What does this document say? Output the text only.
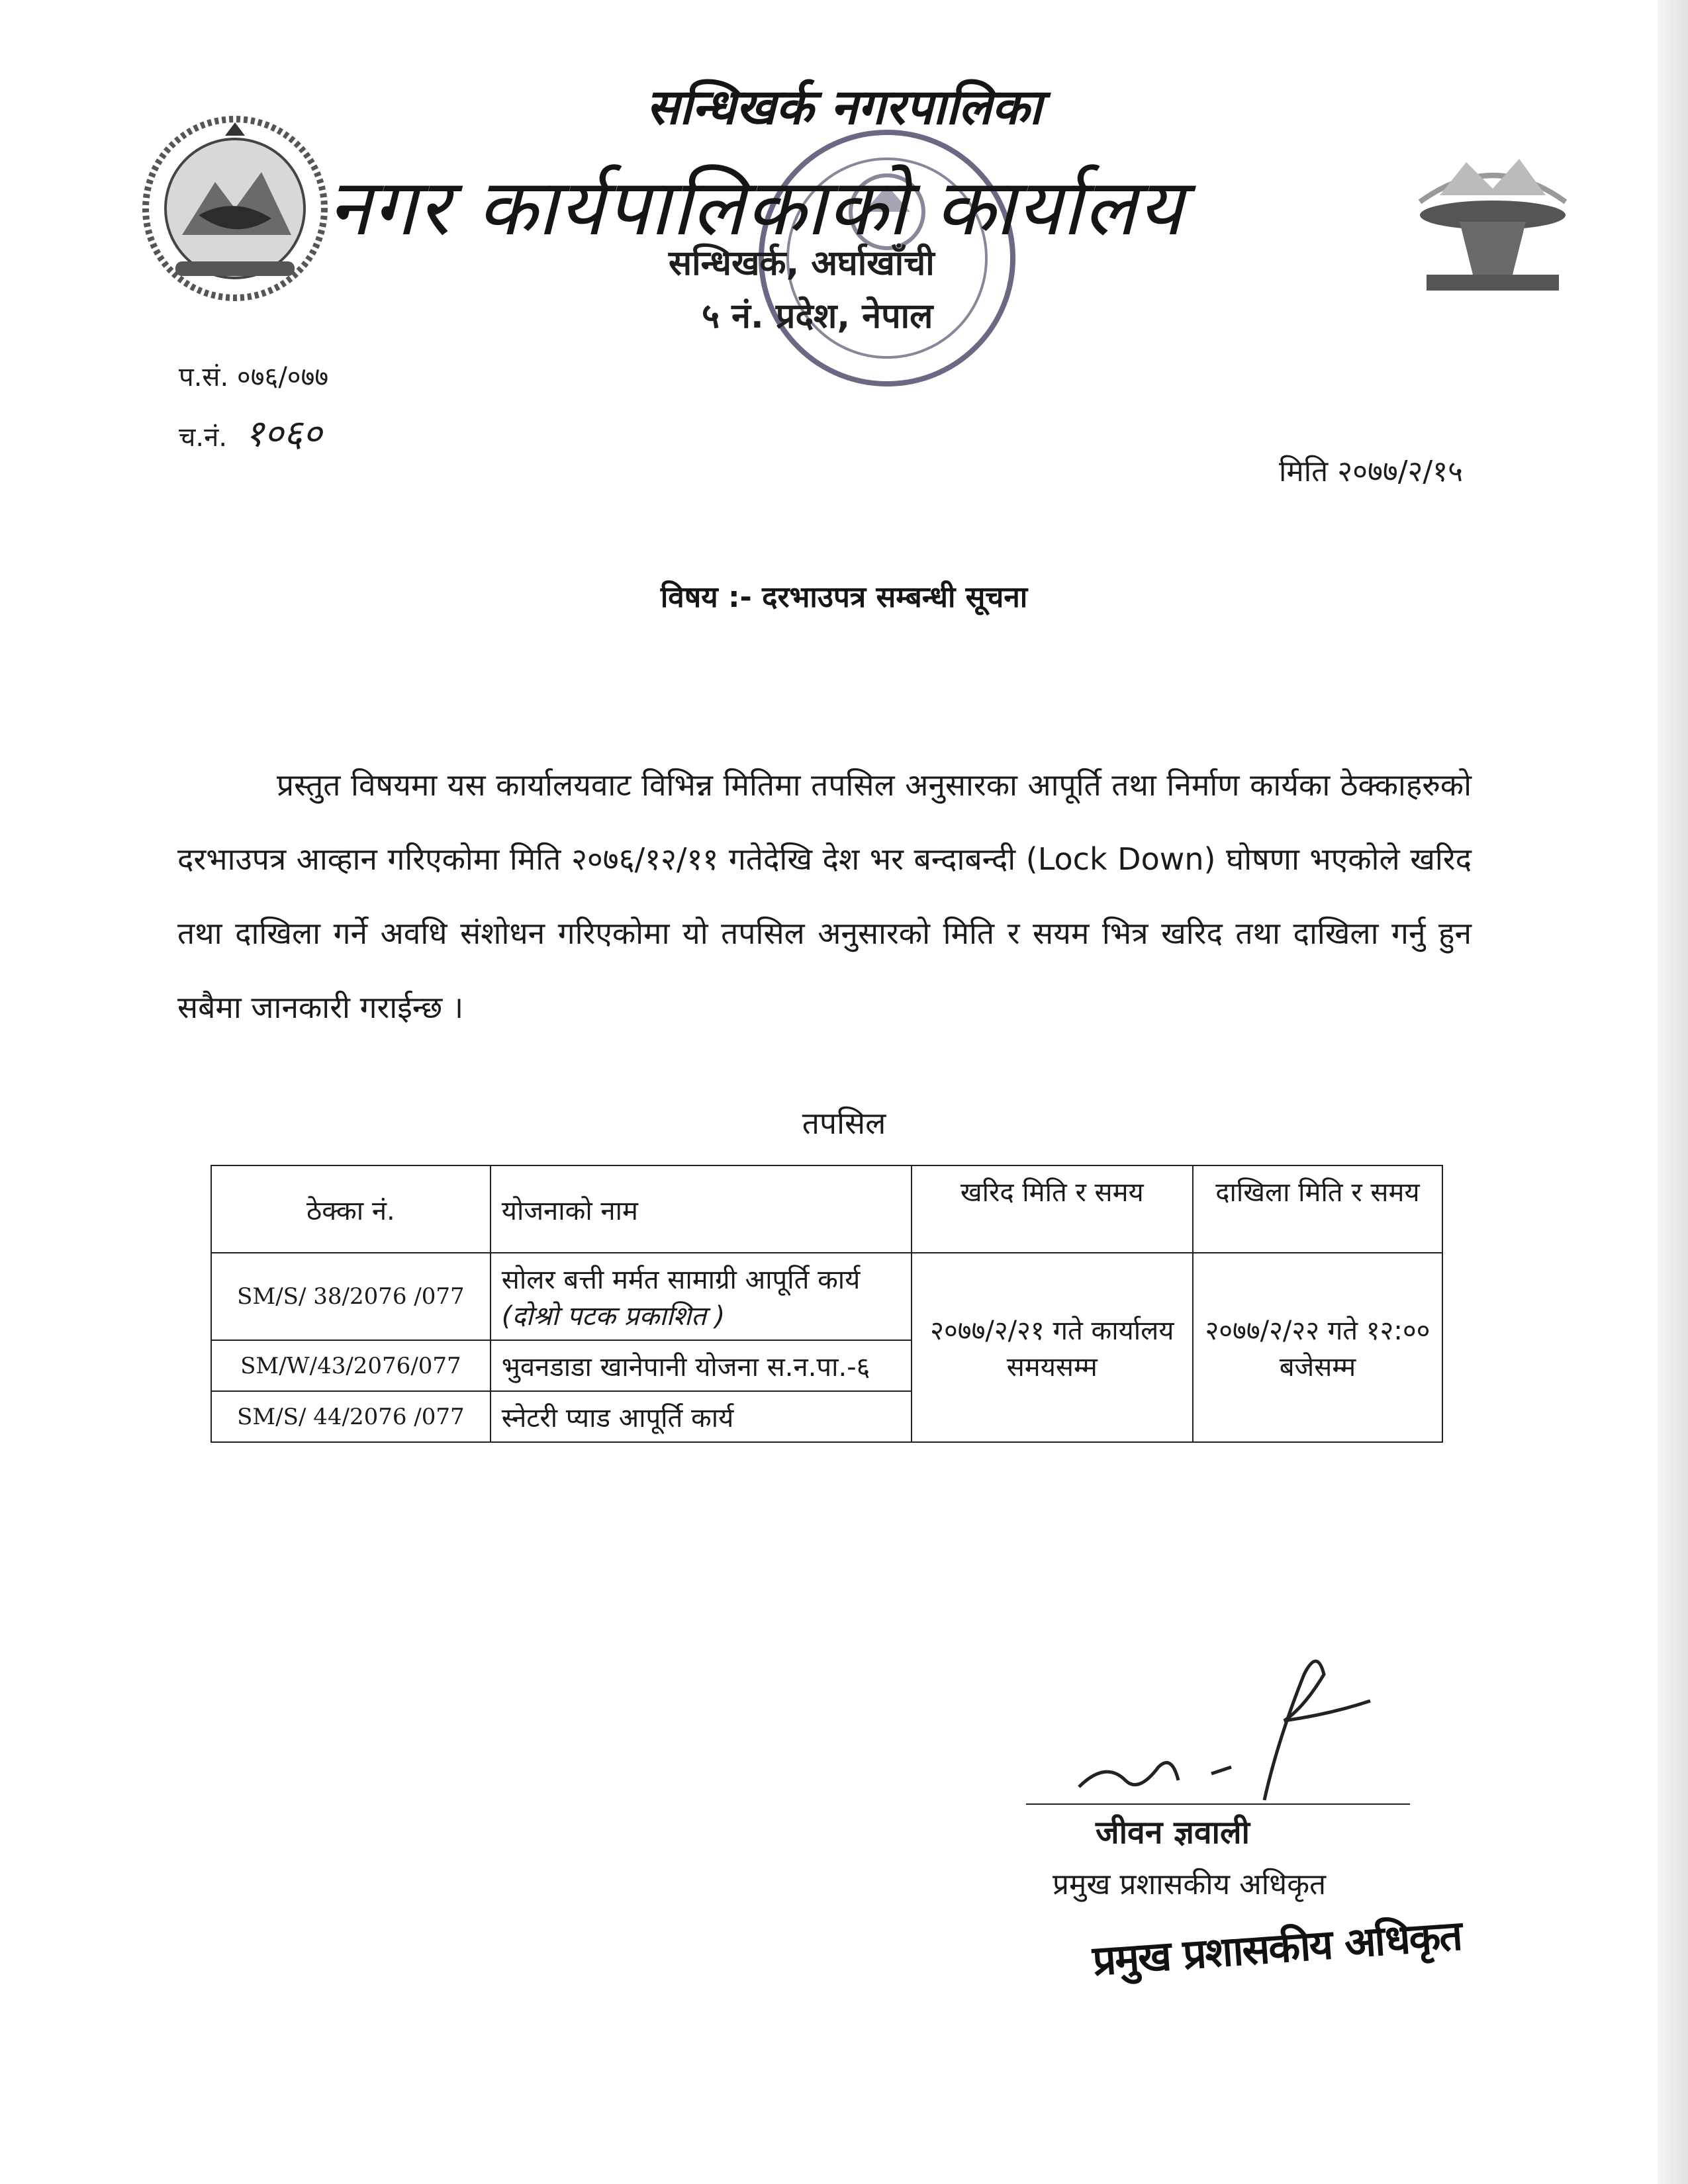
सन्धिखर्क नगरपालिका
नगर कार्यपालिकाको कार्यालय
सन्धिखर्क, अर्घाखाँची
५ नं. प्रदेश, नेपाल
प.सं. ०७६/०७७
च.नं. १०६०
मिति २०७७/२/१५
विषय :- दरभाउपत्र सम्बन्धी सूचना
प्रस्तुत विषयमा यस कार्यालयवाट विभिन्न मितिमा तपसिल अनुसारका आपूर्ति तथा निर्माण कार्यका ठेक्काहरुको दरभाउपत्र आव्हान गरिएकोमा मिति २०७६/१२/११ गतेदेखि देश भर बन्दाबन्दी (Lock Down) घोषणा भएकोले खरिद तथा दाखिला गर्ने अवधि संशोधन गरिएकोमा यो तपसिल अनुसारको मिति र सयम भित्र खरिद तथा दाखिला गर्नु हुन सबैमा जानकारी गराईन्छ ।
तपसिल
ठेक्का नं.	योजनाको नाम	खरिद मिति र समय	दाखिला मिति र समय
SM/S/ 38/2076 /077	सोलर बत्ती मर्मत सामाग्री आपूर्ति कार्य (दोश्रो पटक प्रकाशित )	२०७७/२/२१ गते कार्यालय समयसम्म	२०७७/२/२२ गते १२:०० बजेसम्म
SM/W/43/2076/077	भुवनडाडा खानेपानी योजना स.न.पा.-६		
SM/S/ 44/2076 /077	स्नेटरी प्याड आपूर्ति कार्य		
जीवन ज्ञवाली
प्रमुख प्रशासकीय अधिकृत
प्रमुख प्रशासकीय अधिकृत
